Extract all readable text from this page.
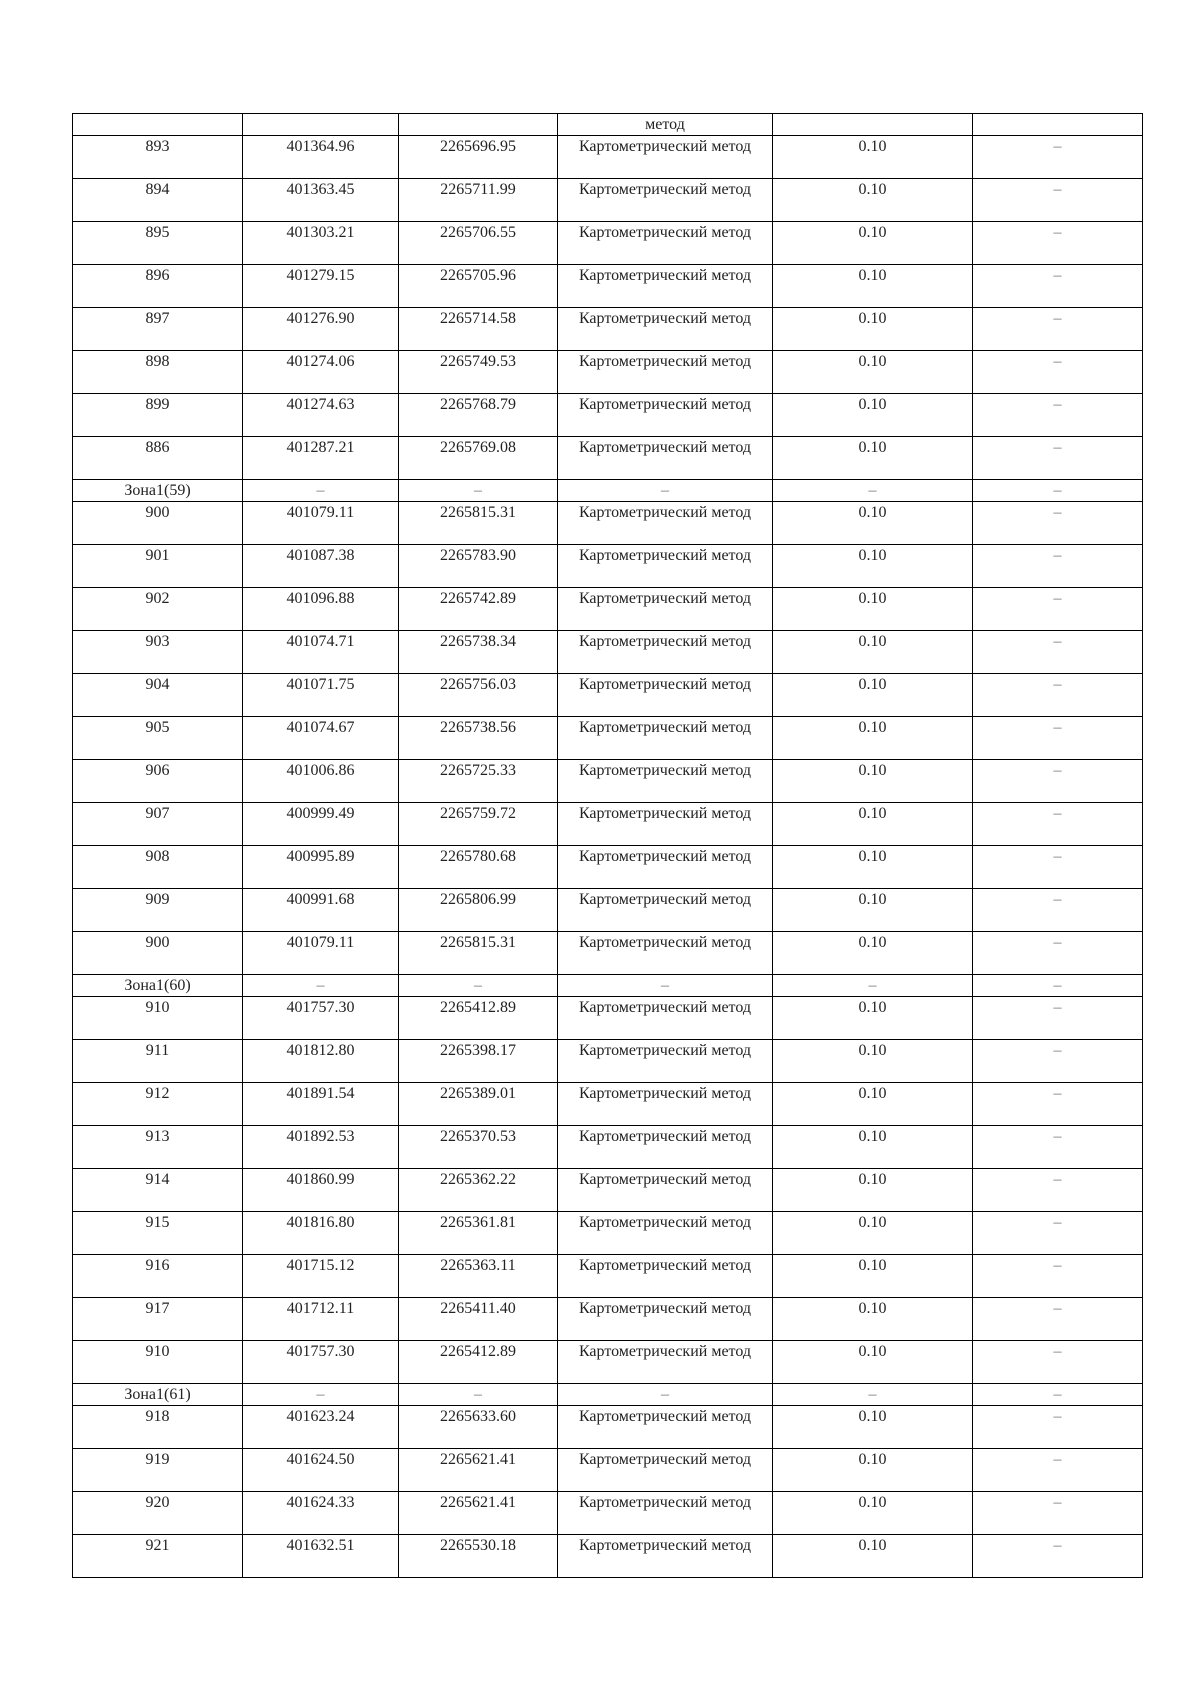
			метод		
893	401364.96	2265696.95	Картометрический метод	0.10	–
894	401363.45	2265711.99	Картометрический метод	0.10	–
895	401303.21	2265706.55	Картометрический метод	0.10	–
896	401279.15	2265705.96	Картометрический метод	0.10	–
897	401276.90	2265714.58	Картометрический метод	0.10	–
898	401274.06	2265749.53	Картометрический метод	0.10	–
899	401274.63	2265768.79	Картометрический метод	0.10	–
886	401287.21	2265769.08	Картометрический метод	0.10	–
Зона1(59)	–	–	–	–	–
900	401079.11	2265815.31	Картометрический метод	0.10	–
901	401087.38	2265783.90	Картометрический метод	0.10	–
902	401096.88	2265742.89	Картометрический метод	0.10	–
903	401074.71	2265738.34	Картометрический метод	0.10	–
904	401071.75	2265756.03	Картометрический метод	0.10	–
905	401074.67	2265738.56	Картометрический метод	0.10	–
906	401006.86	2265725.33	Картометрический метод	0.10	–
907	400999.49	2265759.72	Картометрический метод	0.10	–
908	400995.89	2265780.68	Картометрический метод	0.10	–
909	400991.68	2265806.99	Картометрический метод	0.10	–
900	401079.11	2265815.31	Картометрический метод	0.10	–
Зона1(60)	–	–	–	–	–
910	401757.30	2265412.89	Картометрический метод	0.10	–
911	401812.80	2265398.17	Картометрический метод	0.10	–
912	401891.54	2265389.01	Картометрический метод	0.10	–
913	401892.53	2265370.53	Картометрический метод	0.10	–
914	401860.99	2265362.22	Картометрический метод	0.10	–
915	401816.80	2265361.81	Картометрический метод	0.10	–
916	401715.12	2265363.11	Картометрический метод	0.10	–
917	401712.11	2265411.40	Картометрический метод	0.10	–
910	401757.30	2265412.89	Картометрический метод	0.10	–
Зона1(61)	–	–	–	–	–
918	401623.24	2265633.60	Картометрический метод	0.10	–
919	401624.50	2265621.41	Картометрический метод	0.10	–
920	401624.33	2265621.41	Картометрический метод	0.10	–
921	401632.51	2265530.18	Картометрический метод	0.10	–
